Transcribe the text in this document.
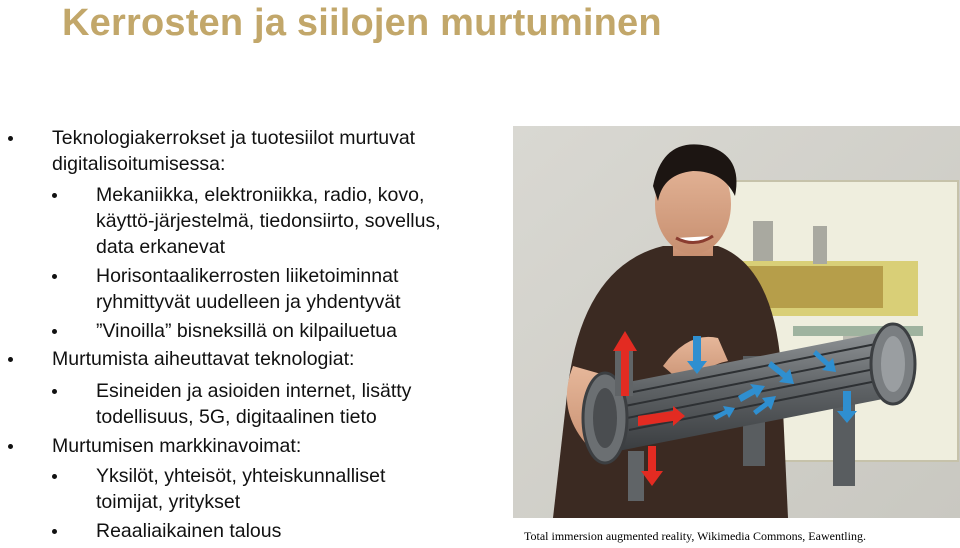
Kerrosten ja siilojen murtuminen
Teknologiakerrokset ja tuotesiilot murtuvat
digitalisoitumisessa:
Mekaniikka, elektroniikka, radio, kovo,
käyttö-järjestelmä, tiedonsiirto, sovellus,
data erkanevat
Horisontaalikerrosten liiketoiminnat
ryhmittyvät uudelleen ja yhdentyvät
”Vinoilla” bisneksillä on kilpailuetua
Murtumista aiheuttavat teknologiat:
Esineiden ja asioiden internet, lisätty
todellisuus, 5G, digitaalinen tieto
Murtumisen markkinavoimat:
Yksilöt, yhteisöt, yhteiskunnalliset
toimijat, yritykset
Reaaliaikainen talous	Total immersion augmented reality, Wikimedia Commons, Eawentling.
